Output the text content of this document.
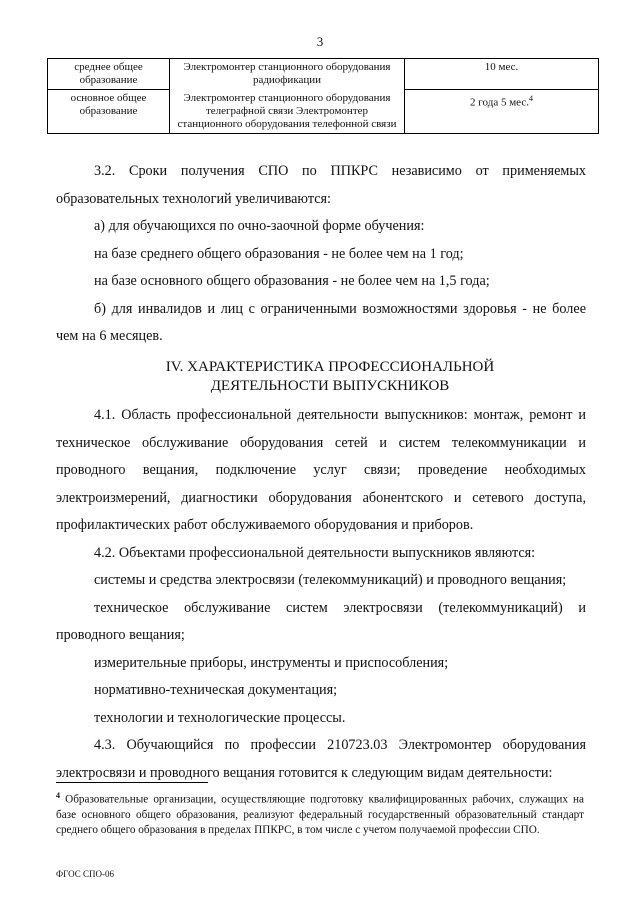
3
среднее общее образование	Электромонтер станционного оборудования радиофикации	10 мес.
основное общее образование	Электромонтер станционного оборудования телеграфной связи Электромонтер станционного оборудования телефонной связи	2 года 5 мес.$^4$

3.2. Сроки получения СПО по ППКРС независимо от применяемых образовательных технологий увеличиваются:

а) для обучающихся по очно-заочной форме обучения:

на базе среднего общего образования - не более чем на 1 год;

на базе основного общего образования - не более чем на 1,5 года;

б) для инвалидов и лиц с ограниченными возможностями здоровья - не более чем на 6 месяцев.

IV. ХАРАКТЕРИСТИКА ПРОФЕССИОНАЛЬНОЙ ДЕЯТЕЛЬНОСТИ ВЫПУСКНИКОВ

4.1. Область профессиональной деятельности выпускников: монтаж, ремонт и техническое обслуживание оборудования сетей и систем телекоммуникации и проводного вещания, подключение услуг связи; проведение необходимых электроизмерений, диагностики оборудования абонентского и сетевого доступа, профилактических работ обслуживаемого оборудования и приборов.

4.2. Объектами профессиональной деятельности выпускников являются:

системы и средства электросвязи (телекоммуникаций) и проводного вещания;

техническое обслуживание систем электросвязи (телекоммуникаций) и проводного вещания;

измерительные приборы, инструменты и приспособления;

нормативно-техническая документация;

технологии и технологические процессы.

4.3. Обучающийся по профессии 210723.03 Электромонтер оборудования электросвязи и проводного вещания готовится к следующим видам деятельности:

$^4$ Образовательные организации, осуществляющие подготовку квалифицированных рабочих, служащих на базе основного общего образования, реализуют федеральный государственный образовательный стандарт среднего общего образования в пределах ППКРС, в том числе с учетом получаемой профессии СПО.
ФГОС СПО-06
